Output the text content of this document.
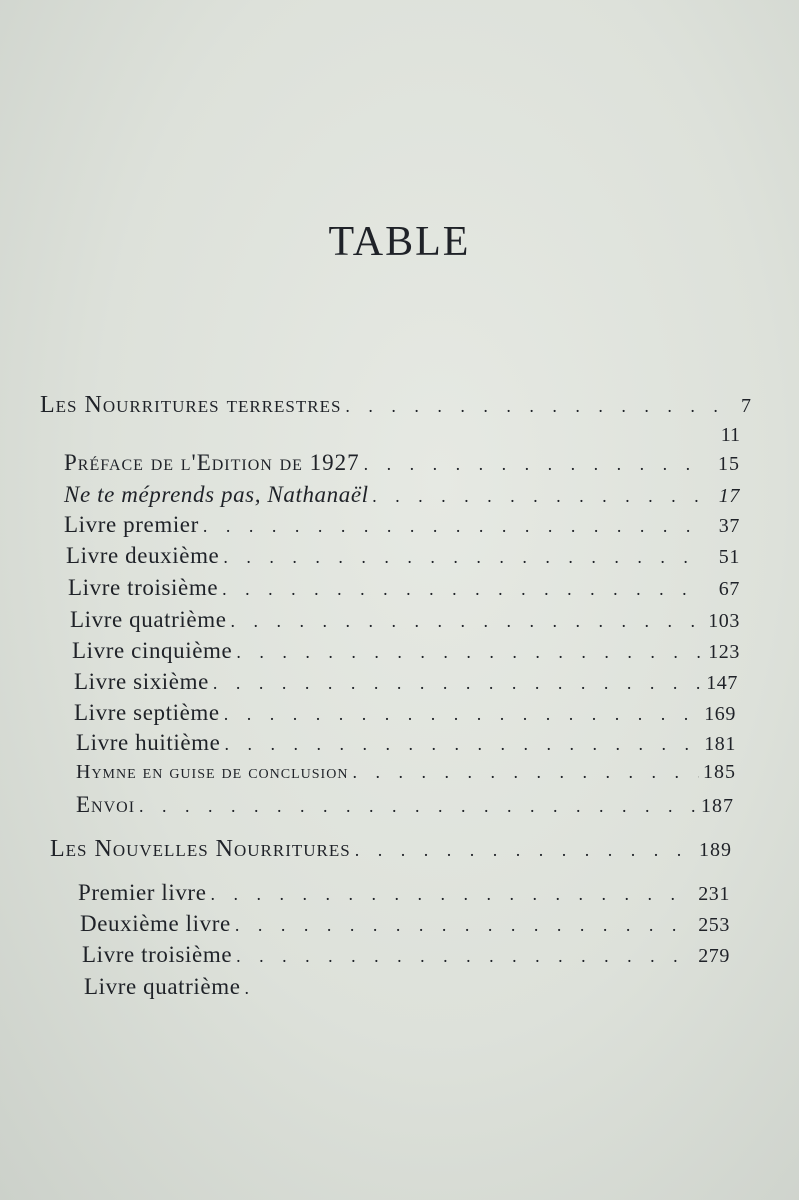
TABLE
Les Nourritures terrestres . . .	7
11
Préface de l'Edition de 1927 . . .	15
Ne te méprends pas, Nathanaël . . .	17
Livre premier . . .	37
Livre deuxième . . .	51
Livre troisième . . .	67
Livre quatrième . . .	103
Livre cinquième . . .	123
Livre sixième . . .	147
Livre septième . . .	169
Livre huitième . . .	181
Hymne en guise de conclusion . . .	185
Envoi . . .	187
Les Nouvelles Nourritures . . .	189
Premier livre . . .	231
Deuxième livre . . .	253
Livre troisième . . .	279
Livre quatrième
. . .
